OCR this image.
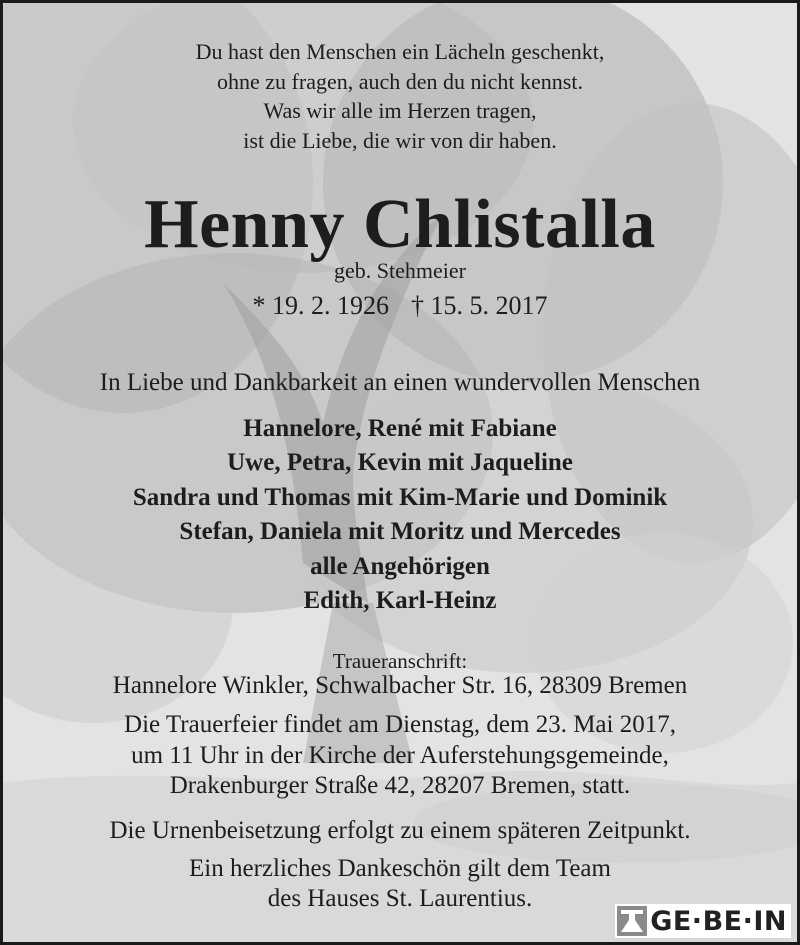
Du hast den Menschen ein Lächeln geschenkt,
ohne zu fragen, auch den du nicht kennst.
Was wir alle im Herzen tragen,
ist die Liebe, die wir von dir haben.
Henny Chlistalla
geb. Stehmeier
* 19. 2. 1926 † 15. 5. 2017
In Liebe und Dankbarkeit an einen wundervollen Menschen
Hannelore, René mit Fabiane
Uwe, Petra, Kevin mit Jaqueline
Sandra und Thomas mit Kim-Marie und Dominik
Stefan, Daniela mit Moritz und Mercedes
alle Angehörigen
Edith, Karl-Heinz
Traueranschrift:
Hannelore Winkler, Schwalbacher Str. 16, 28309 Bremen
Die Trauerfeier findet am Dienstag, dem 23. Mai 2017,
um 11 Uhr in der Kirche der Auferstehungsgemeinde,
Drakenburger Straße 42, 28207 Bremen, statt.
Die Urnenbeisetzung erfolgt zu einem späteren Zeitpunkt.
Ein herzliches Dankeschön gilt dem Team
des Hauses St. Laurentius.
GE·BE·IN
